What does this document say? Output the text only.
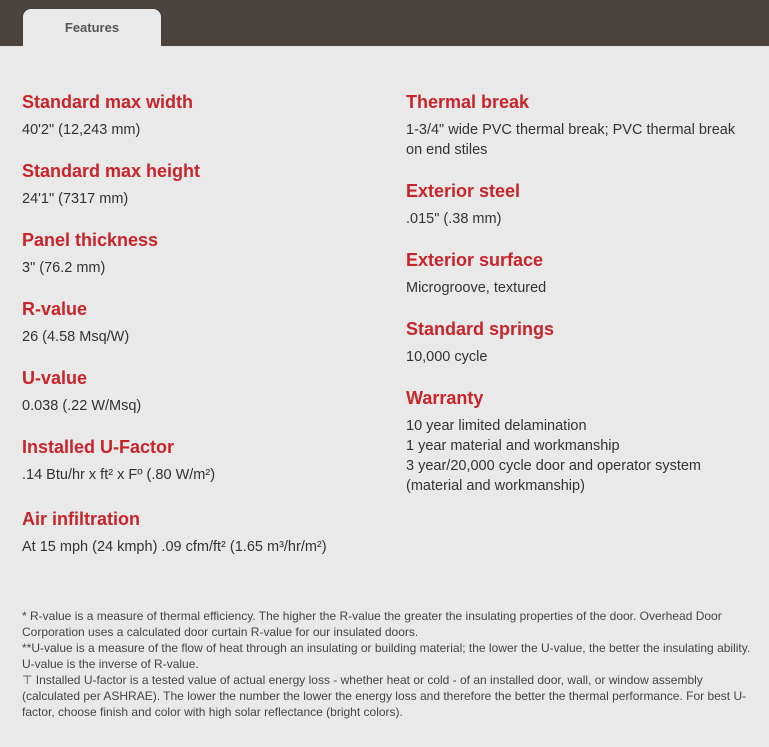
Features
Standard max width
40'2" (12,243 mm)
Standard max height
24'1" (7317 mm)
Panel thickness
3" (76.2 mm)
R-value
26 (4.58 Msq/W)
U-value
0.038 (.22 W/Msq)
Installed U-Factor
.14 Btu/hr x ft² x Fº (.80 W/m²)
Air infiltration
At 15 mph (24 kmph) .09 cfm/ft² (1.65 m³/hr/m²)
Thermal break
1-3/4" wide PVC thermal break; PVC thermal break on end stiles
Exterior steel
.015" (.38 mm)
Exterior surface
Microgroove, textured
Standard springs
10,000 cycle
Warranty
10 year limited delamination
1 year material and workmanship
3 year/20,000 cycle door and operator system (material and workmanship)

* R-value is a measure of thermal efficiency. The higher the R-value the greater the insulating properties of the door. Overhead Door Corporation uses a calculated door curtain R-value for our insulated doors.

**U-value is a measure of the flow of heat through an insulating or building material; the lower the U-value, the better the insulating ability. U-value is the inverse of R-value.

⊤ Installed U-factor is a tested value of actual energy loss - whether heat or cold - of an installed door, wall, or window assembly (calculated per ASHRAE). The lower the number the lower the energy loss and therefore the better the thermal performance. For best U-factor, choose finish and color with high solar reflectance (bright colors).
